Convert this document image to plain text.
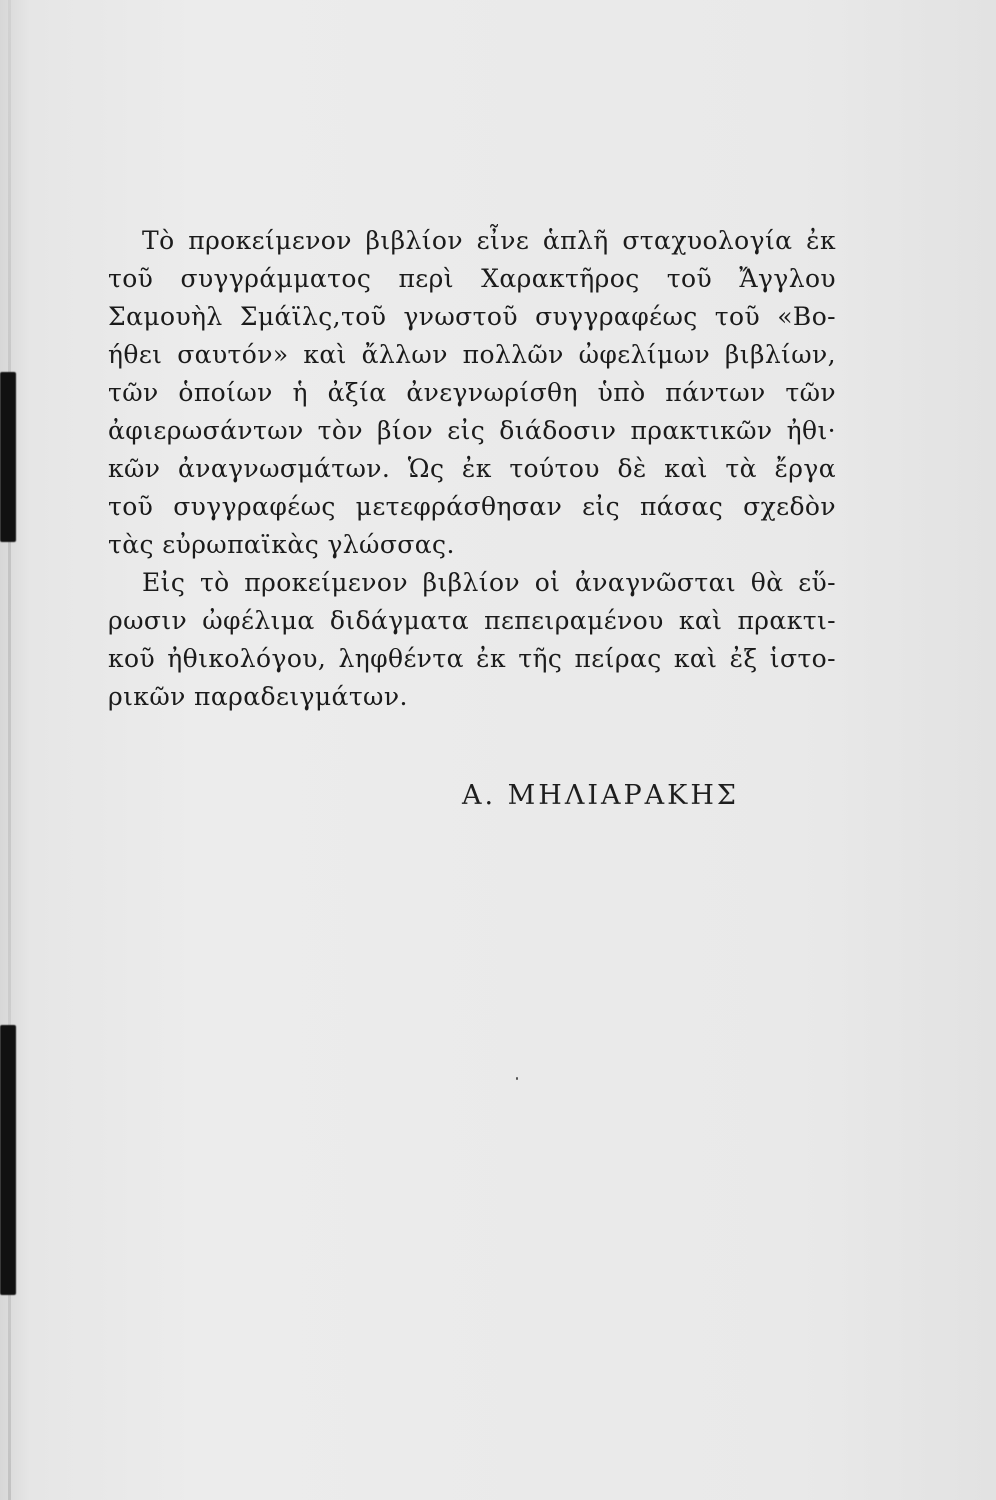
Τὸ προκείμενον βιβλίον εἶνε ἁπλῆ σταχυολογία ἐκ
τοῦ συγγράμματος περὶ Χαρακτῆρος τοῦ Ἄγγλου
Σαμουὴλ Σμάϊλς,τοῦ γνωστοῦ συγγραφέως τοῦ «Βο-
ήθει σαυτόν» καὶ ἄλλων πολλῶν ὠφελίμων βιβλίων,
τῶν ὁποίων ἡ ἀξία ἀνεγνωρίσθη ὑπὸ πάντων τῶν
ἀφιερωσάντων τὸν βίον εἰς διάδοσιν πρακτικῶν ἠθι·
κῶν ἀναγνωσμάτων. Ὡς ἐκ τούτου δὲ καὶ τὰ ἔργα
τοῦ συγγραφέως μετεφράσθησαν εἰς πάσας σχεδὸν
τὰς εὐρωπαϊκὰς γλώσσας.
Εἰς τὸ προκείμενον βιβλίον οἱ ἀναγνῶσται θὰ εὕ-
ρωσιν ὠφέλιμα διδάγματα πεπειραμένου καὶ πρακτι-
κοῦ ἠθικολόγου, ληφθέντα ἐκ τῆς πείρας καὶ ἐξ ἱστο-
ρικῶν παραδειγμάτων.
Α. ΜΗΛΙΑΡΑΚΗΣ
